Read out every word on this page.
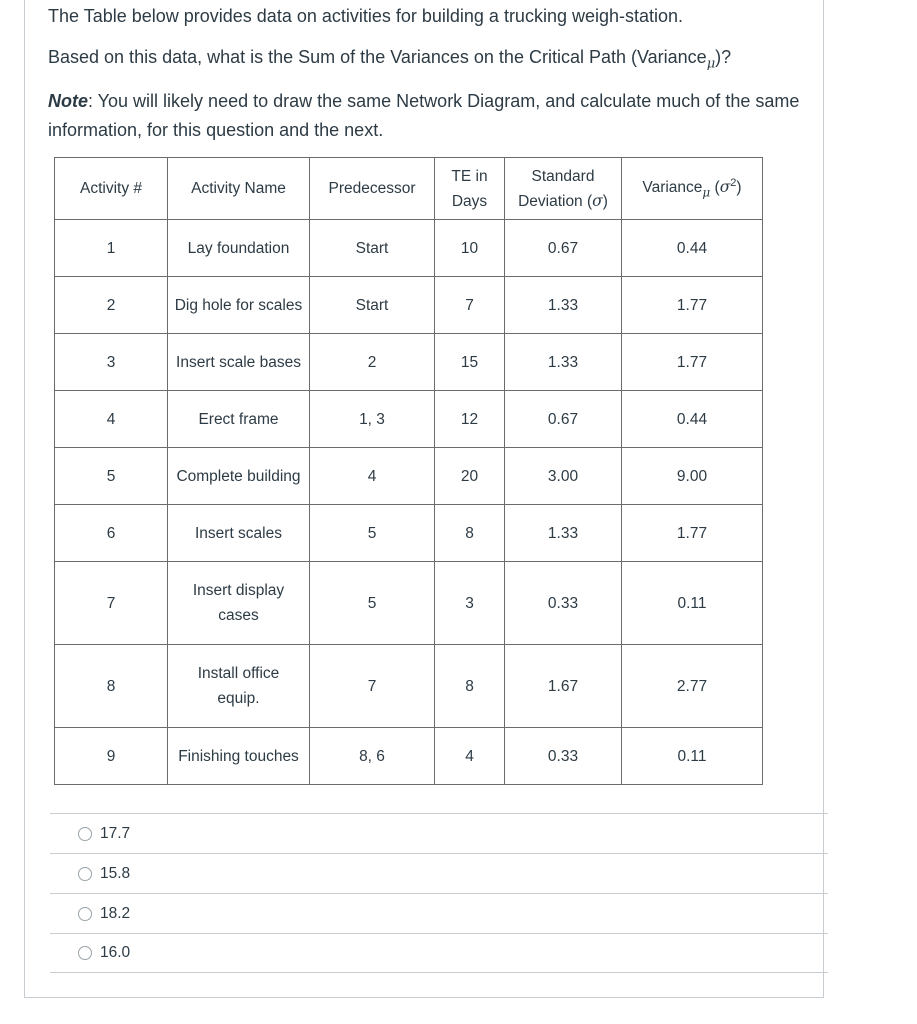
The Table below provides data on activities for building a trucking weigh-station.

Based on this data, what is the Sum of the Variances on the Critical Path (Variance$_\mu$)?

Note: You will likely need to draw the same Network Diagram, and calculate much of the same information, for this question and the next.

Activity #	Activity Name	Predecessor	TE in Days	Standard Deviation (σ)	Variance$_\mu$ $(\sigma^2)$
1	Lay foundation	Start	10	0.67	0.44
2	Dig hole for scales	Start	7	1.33	1.77
3	Insert scale bases	2	15	1.33	1.77
4	Erect frame	1, 3	12	0.67	0.44
5	Complete building	4	20	3.00	9.00
6	Insert scales	5	8	1.33	1.77
7	Insert display cases	5	3	0.33	0.11
8	Install office equip.	7	8	1.67	2.77
9	Finishing touches	8, 6	4	0.33	0.11
17.7
15.8
18.2
16.0
